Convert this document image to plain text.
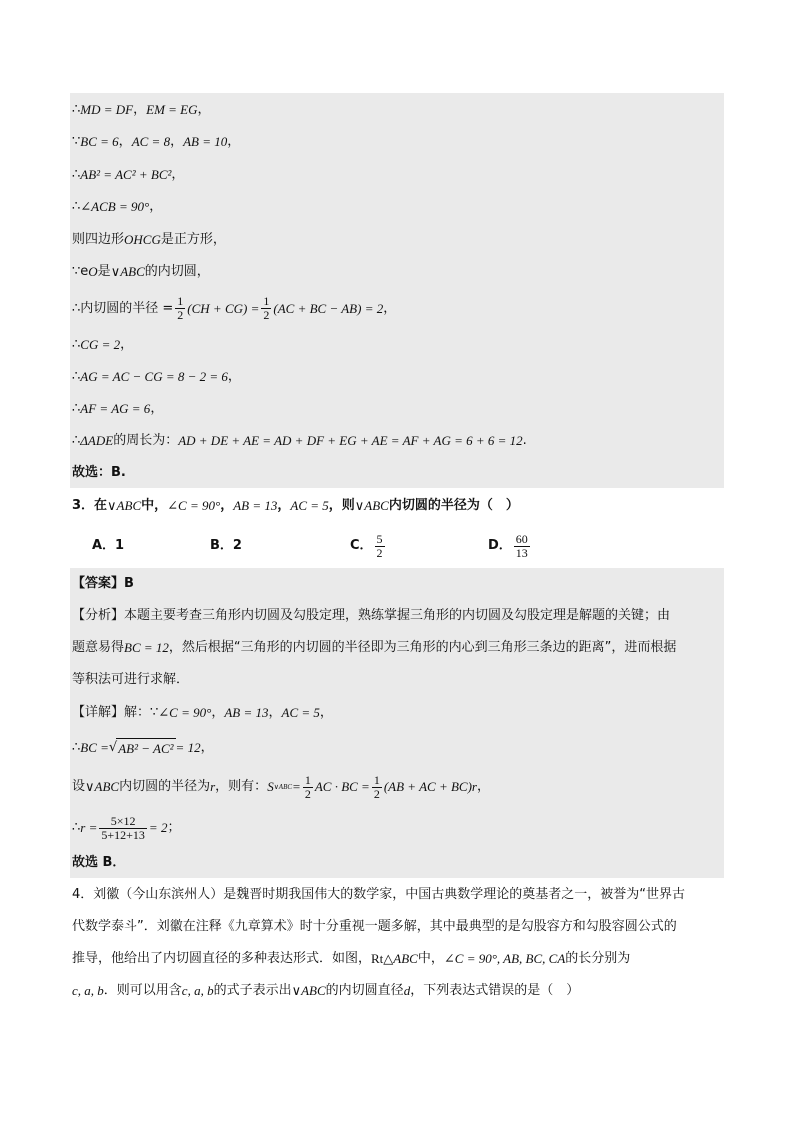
∴ MD = DF ， EM = EG ，
∵ BC = 6 ， AC = 8 ， AB = 10 ，
∴ AB² = AC² + BC² ，
∴ ∠ACB = 90° ，
则四边形 OHCG 是正方形，
∵e O 是 ∨ABC 的内切圆，
∴内切圆的半径 = $\frac{1}{2} (CH + CG) = \frac{1}{2} (AC$ + BC − AB) = 2 ，
∴ CG = 2 ，
∴ AG = AC − CG = 8 − 2 = 6 ，
∴ AF = AG = 6 ，
∴ ΔADE 的周长为： AD + DE + AE = AD + DF + EG + AE = AF + AG = 6 + 6 = 12 .
故选：B.
3．在 ∨ABC 中， ∠C = 90° ， AB = 13 ， AC = 5 ，则 ∨ABC 内切圆的半径为（　）
A．1	B．2	C． $\frac{5}{2}$	D． $\frac{60}{13}$
【答案】B
【分析】本题主要考查三角形内切圆及勾股定理，熟练掌握三角形的内切圆及勾股定理是解题的关键；由
题意易得 BC = 12 ，然后根据“三角形的内切圆的半径即为三角形的内心到三角形三条边的距离”，进而根据
等积法可进行求解．
【详解】解：∵ ∠C = 90° ， AB = 13 ， AC = 5 ，
∴ BC = √ AB² − AC² = 12 ，
设 ∨ABC 内切圆的半径为 r ，则有： S ∨ABC = $\frac{1}{2}$ AC · BC = $\frac{1}{2} (AB$ + AC + BC)r ，
∴ $r = \frac{5\times 12}{5+12+13} = 2$ ；
故选 B．
4．刘徽（今山东滨州人）是魏晋时期我国伟大的数学家，中国古典数学理论的奠基者之一，被誉为“世界古
代数学泰斗”．刘徽在注释《九章算术》时十分重视一题多解，其中最典型的是勾股容方和勾股容圆公式的
推导，他给出了内切圆直径的多种表达形式．如图， Rt△ ABC 中， ∠C = 90°, AB, BC, CA 的长分别为
c, a, b ．则可以用含 c, a, b 的式子表示出 ∨ABC 的内切圆直径 d ，下列表达式错误的是（　）
